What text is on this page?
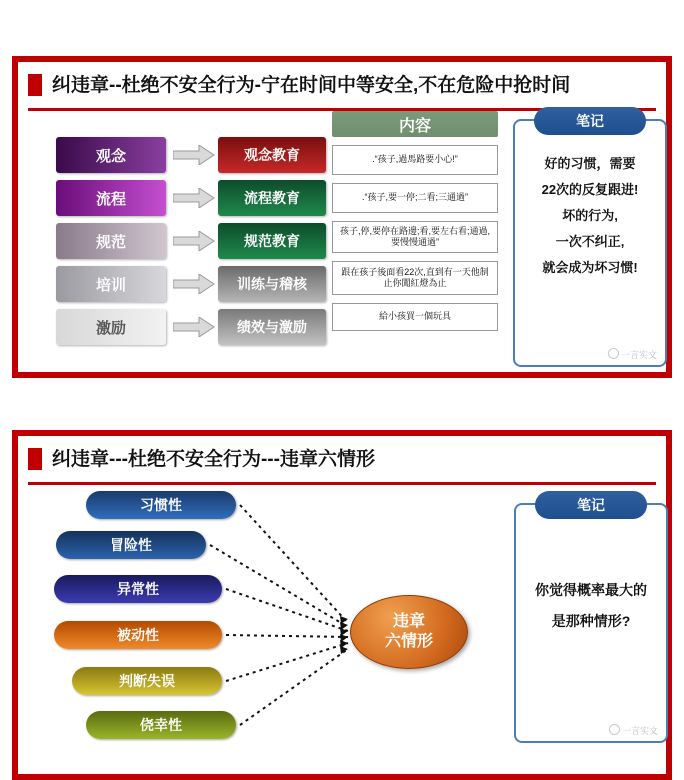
纠违章--杜绝不安全行为-宁在时间中等安全,不在危险中抢时间
观念
流程
规范
培训
激励
观念教育
流程教育
规范教育
训练与稽核
绩效与激励
内容
.“孩子,過馬路要小心!”
.“孩子,要一停;二看;三通過”
孩子,停,要停在路邊;看,要左右看;通過,要慢慢通過”
跟在孩子後面看22次,直到有一天他制止你闖紅燈為止
給小孩買一個玩具
笔记
好的习惯，需要
22次的反复跟进!
坏的行为,
一次不纠正,
就会成为坏习惯!
一言实文
纠违章---杜绝不安全行为---违章六情形
习惯性
冒险性
异常性
被动性
判断失误
侥幸性
违章
六情形
笔记
你觉得概率最大的
是那种情形?
一言实文
